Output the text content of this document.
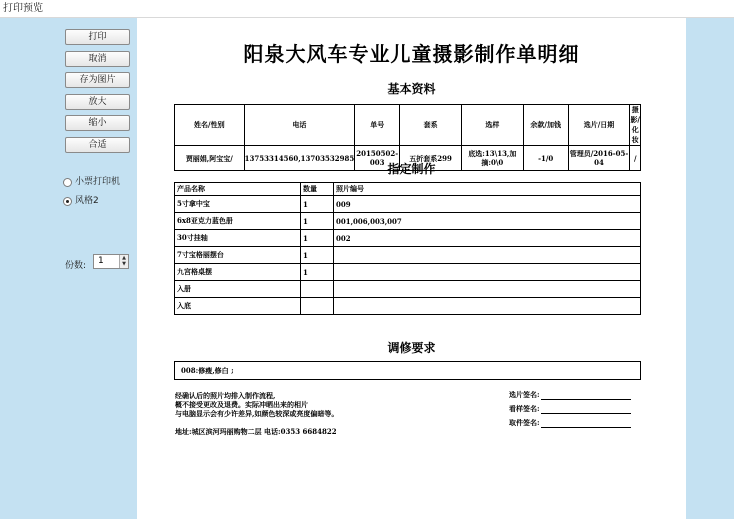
打印预览
打印
取消
存为图片
放大
缩小
合适
小票打印机
风格2
份数:	1	▲
▼
阳泉大风车专业儿童摄影制作单明细
基本资料
姓名/性别	电话	单号	套系	选样	余款/加钱	选片/日期	摄影/化妆
贾丽娟,阿宝宝/	13753314560,13703532985	20150502-003	五折套系299	底选:13\13,加摘:0\0	-1/0	管理员/2016-05-04	/
指定制作
产品名称	数量	照片编号
5寸拿中宝	1	009
6x8亚克力蓝色册	1	001,006,003,007
30寸挂轴	1	002
7寸宝格丽摆台	1	
九宫格桌摆	1	
入册		
入底		
调修要求
008:修瘦,修白 ;
经确认后的照片均排入制作流程,
概不接受更改及退费。实际冲晒出来的相片
与电脑显示会有少许差异,如颜色较深或亮度偏暗等。
地址:城区滨河玛丽购物二层 电话:0353 6684822
选片签名:
看样签名:
取件签名:
